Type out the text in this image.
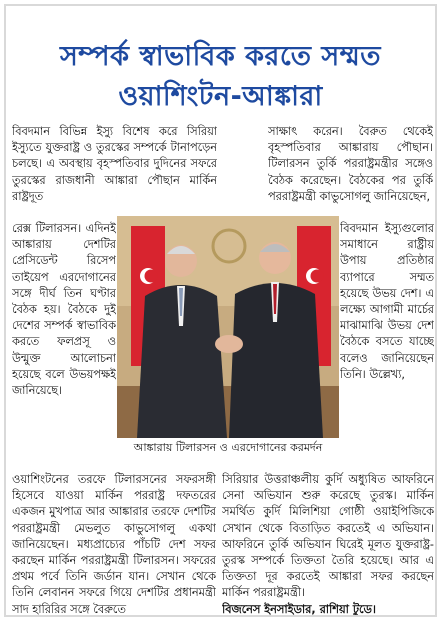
সম্পর্ক স্বাভাবিক করতে সম্মত
ওয়াশিংটন-আঙ্কারা

বিবদমান বিভিন্ন ইস্যু বিশেষ করে সিরিয়া ইস্যুতে যুক্তরাষ্ট্র ও তুরস্কের সম্পর্কে টানাপড়েন চলছে। এ অবস্থায় বৃহস্পতিবার দুদিনের সফরে তুরস্কের রাজধানী আঙ্কারা পৌছান মার্কিন রাষ্ট্রদূত

সাক্ষাৎ করেন। বৈরুত থেকেই বৃহস্পতিবার আঙ্কারায় পৌছান। টিলারসন তুর্কি পররাষ্ট্রমন্ত্রীর সঙ্গেও বৈঠক করেছেন। বৈঠকের পর তুর্কি পররাষ্ট্রমন্ত্রী কাভুসোগলু জানিয়েছেন,

রেক্স টিলারসন। এদিনই আঙ্কারায় দেশটির প্রেসিডেন্ট রিসেপ তাইয়েপ এরদোগানের সঙ্গে দীর্ঘ তিন ঘণ্টার বৈঠক হয়। বৈঠকে দুই দেশের সম্পর্ক স্বাভাবিক করতে ফলপ্রসূ ও উন্মুক্ত আলোচনা হয়েছে বলে উভয়পক্ষই জানিয়েছে।

আঙ্কারায় টিলারসন ও এরদোগানের করমর্দন

বিবদমান ইস্যুগুলোর সমাধানে রাষ্ট্রীয় উপায় প্রতিষ্ঠার ব্যাপারে সম্মত হয়েছে উভয় দেশ। এ লক্ষ্যে আগামী মার্চের মাঝামাঝি উভয় দেশ বৈঠকে বসতে যাচ্ছে বলেও জানিয়েছেন তিনি। উল্লেখ্য,

ওয়াশিংটনের তরফে টিলারসনের সফরসঙ্গী হিসেবে যাওয়া মার্কিন পররাষ্ট্র দফতরের একজন মুখপাত্র আর আঙ্কারার তরফে দেশটির পররাষ্ট্রমন্ত্রী মেভলুত কাভুসোগলু একথা জানিয়েছেন। মধ্যপ্রাচ্যের পাঁচটি দেশ সফর করছেন মার্কিন পররাষ্ট্রমন্ত্রী টিলারসন। সফরের প্রথম পর্বে তিনি জর্ডান যান। সেখান থেকে তিনি লেবানন সফরে গিয়ে দেশটির প্রধানমন্ত্রী সাদ হারিরির সঙ্গে বৈরুতে

সিরিয়ার উত্তরাঞ্চলীয় কুর্দি অধ্যুষিত আফরিনে সেনা অভিযান শুরু করেছে তুরস্ক। মার্কিন সমর্থিত কুর্দি মিলিশিয়া গোষ্ঠী ওয়াইপিজিকে সেখান থেকে বিতাড়িত করতেই এ অভিযান। আফরিনে তুর্কি অভিযান ঘিরেই মূলত যুক্তরাষ্ট্র-তুরস্ক সম্পর্কে তিক্ততা তৈরি হয়েছে। আর এ তিক্ততা দূর করতেই আঙ্কারা সফর করছেন মার্কিন পররাষ্ট্রমন্ত্রী।

বিজনেস ইনসাইডার, রাশিয়া টুডে।
